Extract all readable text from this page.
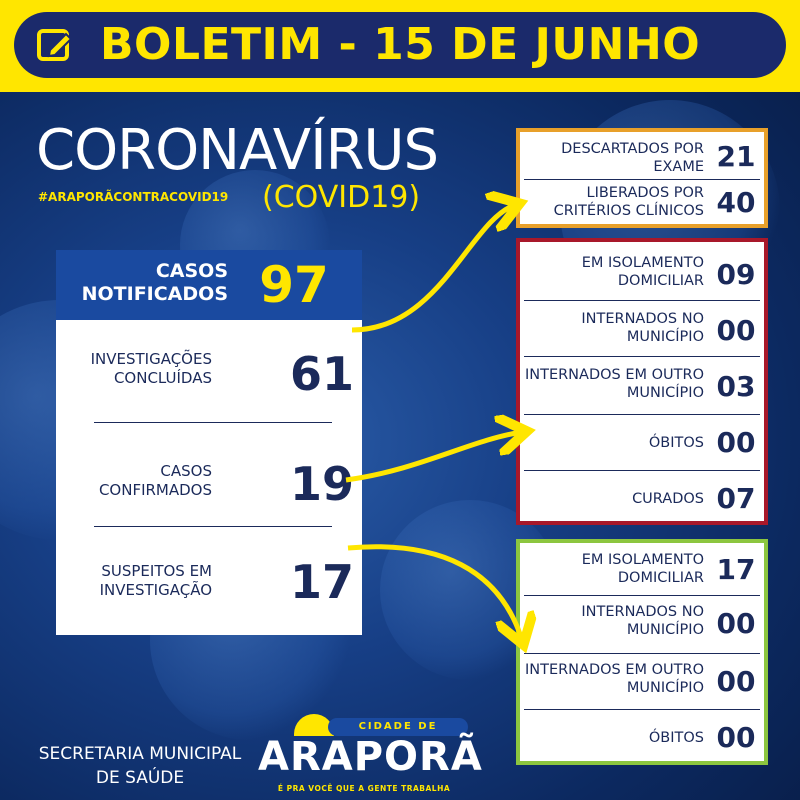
BOLETIM - 15 DE JUNHO
CORONAVÍRUS
#ARAPORÃCONTRACOVID19 (COVID19)
CASOS NOTIFICADOS 97
INVESTIGAÇÕES CONCLUÍDAS 61
CASOS CONFIRMADOS 19
SUSPEITOS EM INVESTIGAÇÃO 17
DESCARTADOS POR EXAME 21
LIBERADOS POR CRITÉRIOS CLÍNICOS 40
EM ISOLAMENTO DOMICILIAR 09
INTERNADOS NO MUNICÍPIO 00
INTERNADOS EM OUTRO MUNICÍPIO 03
ÓBITOS 00
CURADOS 07
EM ISOLAMENTO DOMICILIAR 17
INTERNADOS NO MUNICÍPIO 00
INTERNADOS EM OUTRO MUNICÍPIO 00
ÓBITOS 00
SECRETARIA MUNICIPAL DE SAÚDE
CIDADE DE
ARAPORÃ
É PRA VOCÊ QUE A GENTE TRABALHA
